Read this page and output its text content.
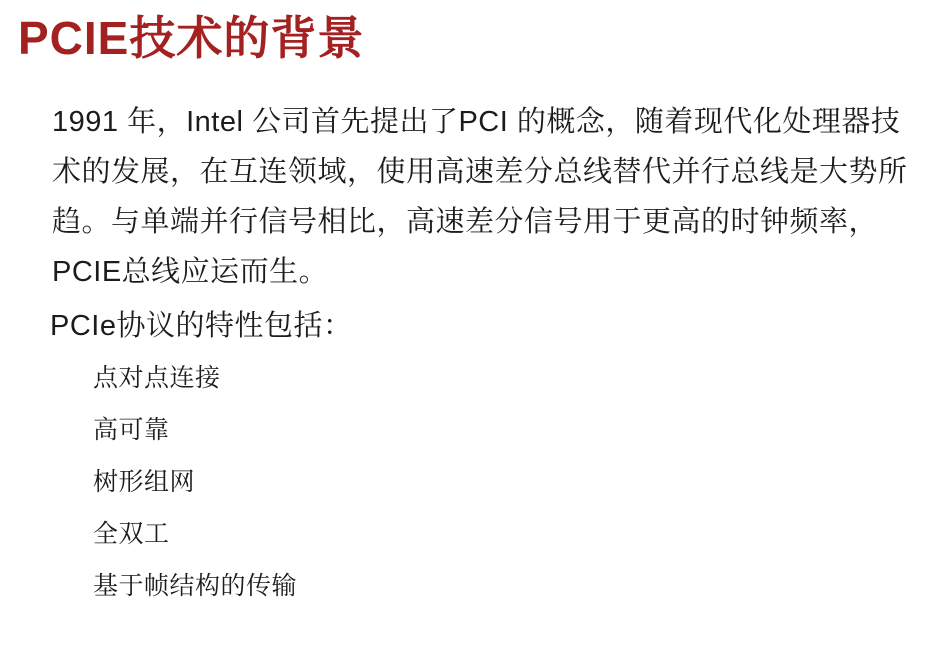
PCIE技术的背景
1991 年，Intel 公司首先提出了PCI 的概念，随着现代化处理器技
术的发展，在互连领域，使用高速差分总线替代并行总线是大势所
趋。与单端并行信号相比，高速差分信号用于更高的时钟频率，
PCIE总线应运而生。
PCIe协议的特性包括：
点对点连接
高可靠
树形组网
全双工
基于帧结构的传输
